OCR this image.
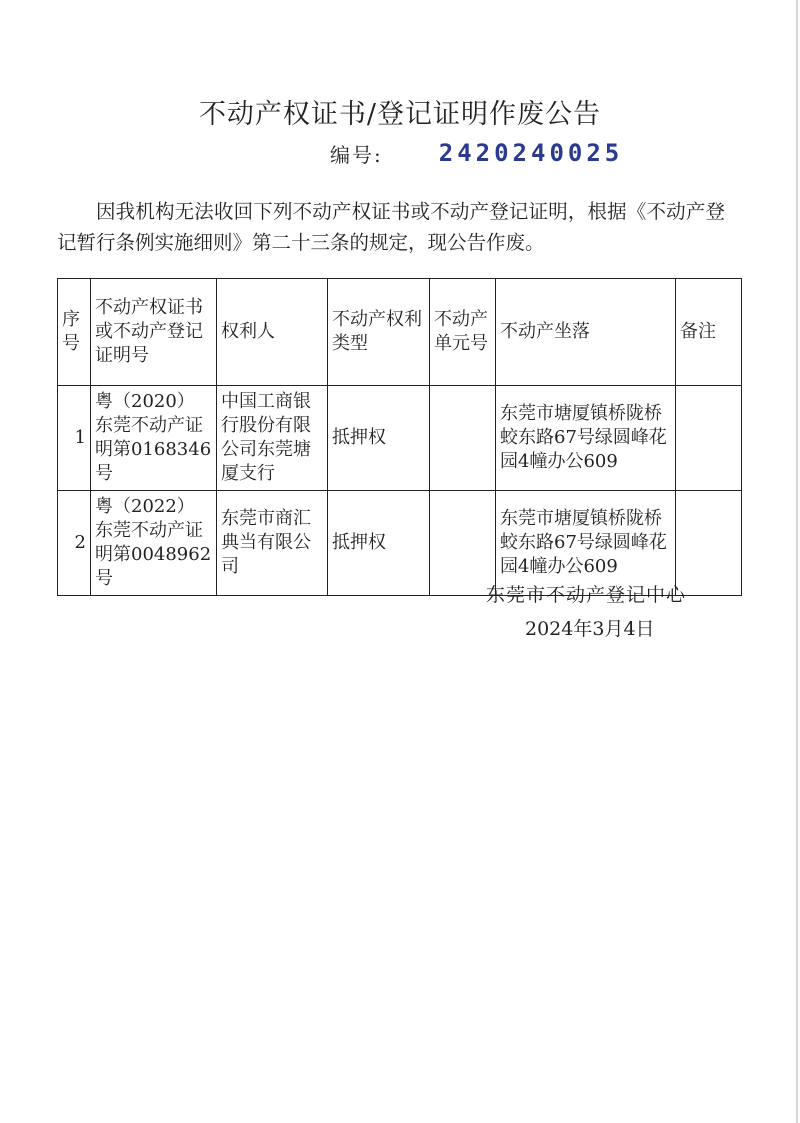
不动产权证书/登记证明作废公告
编号: 2420240025

因我机构无法收回下列不动产权证书或不动产登记证明，根据《不动产登记暂行条例实施细则》第二十三条的规定，现公告作废。

序号	不动产权证书或不动产登记证明号	权利人	不动产权利类型	不动产单元号	不动产坐落	备注
1	粤（2020）东莞不动产证明第0168346号	中国工商银行股份有限公司东莞塘厦支行	抵押权		东莞市塘厦镇桥陇桥蛟东路67号绿圆峰花园4幢办公609	
2	粤（2022）东莞不动产证明第0048962号	东莞市商汇典当有限公司	抵押权		东莞市塘厦镇桥陇桥蛟东路67号绿圆峰花园4幢办公609	
东莞市不动产登记中心
2024年3月4日
